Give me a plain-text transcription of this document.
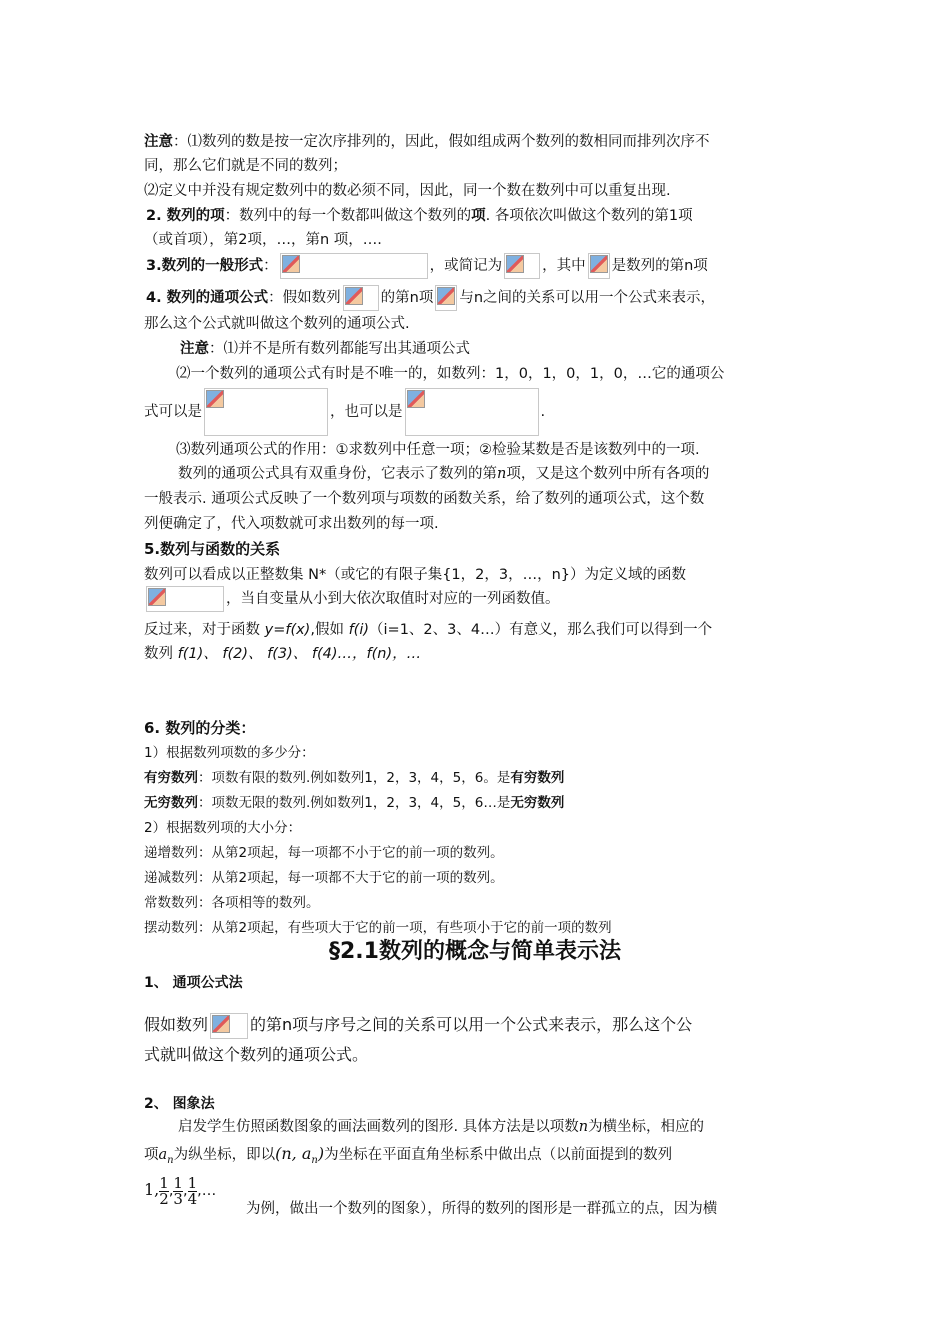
注意：⑴数列的数是按一定次序排列的，因此，假如组成两个数列的数相同而排列次序不
同，那么它们就是不同的数列；
⑵定义中并没有规定数列中的数必须不同，因此，同一个数在数列中可以重复出现.
2. 数列的项：数列中的每一个数都叫做这个数列的项. 各项依次叫做这个数列的第1项
（或首项），第2项，…，第n 项，….
3.数列的一般形式：	，或简记为	，其中 是数列的第n项
4. 数列的通项公式：假如数列	的第n项 与n之间的关系可以用一个公式来表示，
那么这个公式就叫做这个数列的通项公式.
注意：⑴并不是所有数列都能写出其通项公式
⑵一个数列的通项公式有时是不唯一的，如数列：1，0，1，0，1，0，…它的通项公
式可以是	，也可以是	.
⑶数列通项公式的作用：①求数列中任意一项；②检验某数是否是该数列中的一项.
数列的通项公式具有双重身份，它表示了数列的第n项，又是这个数列中所有各项的
一般表示. 通项公式反映了一个数列项与项数的函数关系，给了数列的通项公式，这个数
列便确定了，代入项数就可求出数列的每一项.
5.数列与函数的关系
数列可以看成以正整数集 N*（或它的有限子集{1，2，3，…，n}）为定义域的函数
，当自变量从小到大依次取值时对应的一列函数值。
反过来，对于函数 y=f(x),假如 f(i)（i=1、2、3、4…）有意义，那么我们可以得到一个
数列 f(1)、 f(2)、 f(3)、 f(4)…，f(n)，…
6. 数列的分类：
1）根据数列项数的多少分：
有穷数列：项数有限的数列.例如数列1，2，3，4，5，6。是有穷数列
无穷数列：项数无限的数列.例如数列1，2，3，4，5，6…是无穷数列
2）根据数列项的大小分：
递增数列：从第2项起，每一项都不小于它的前一项的数列。
递减数列：从第2项起，每一项都不大于它的前一项的数列。
常数数列：各项相等的数列。
摆动数列：从第2项起，有些项大于它的前一项，有些项小于它的前一项的数列
§2.1数列的概念与简单表示法
1、 通项公式法
假如数列	的第n项与序号之间的关系可以用一个公式来表示，那么这个公
式就叫做这个数列的通项公式。
2、 图象法
启发学生仿照函数图象的画法画数列的图形. 具体方法是以项数n为横坐标，相应的
项$a_n$为纵坐标，即以(n, $a_n$)为坐标在平面直角坐标系中做出点（以前面提到的数列
1, $\frac{1}{2}$ , $\frac{1}{3}$ , $\frac{1}{4}$ ,…
为例，做出一个数列的图象），所得的数列的图形是一群孤立的点，因为横
